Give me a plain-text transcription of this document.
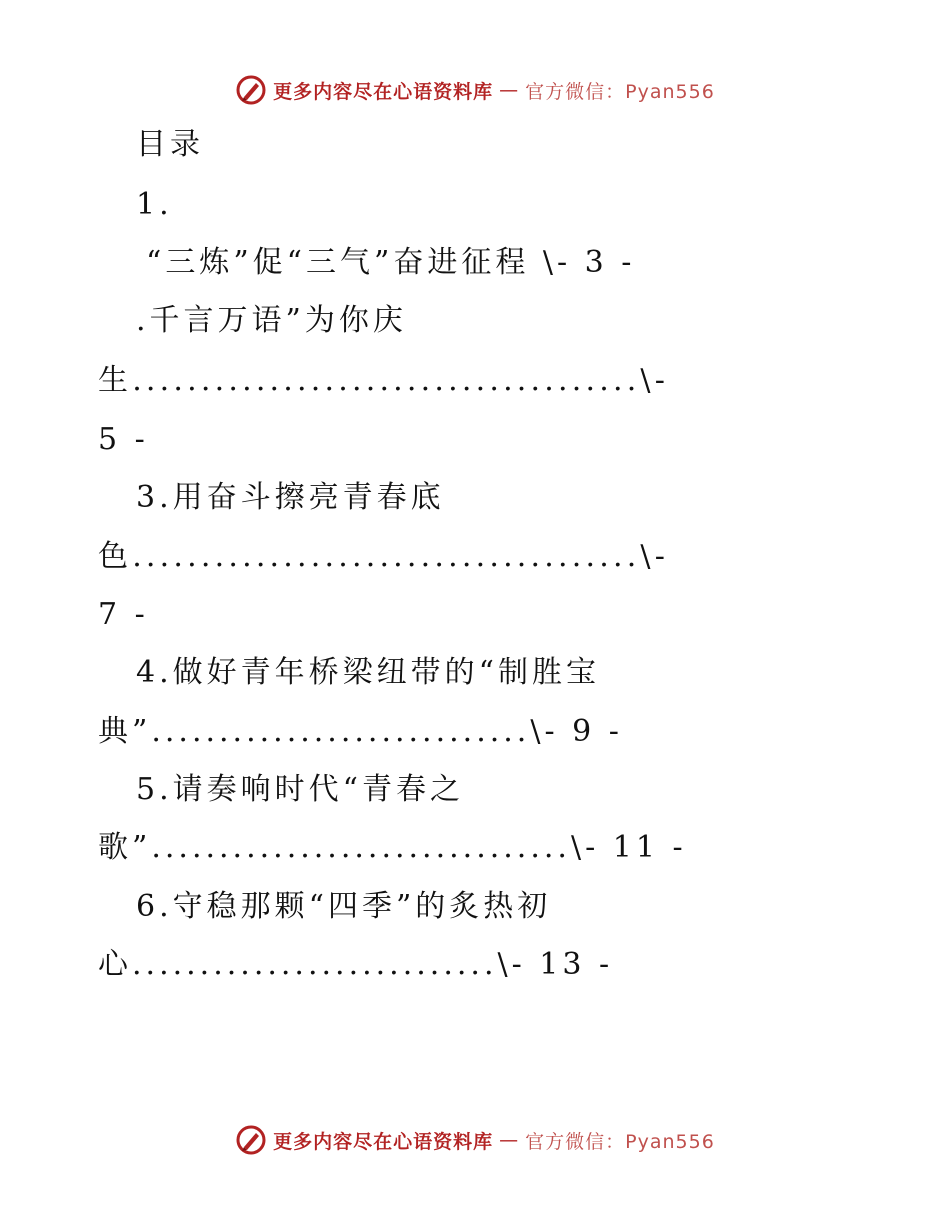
更多内容尽在心语资料库 — 官方微信：Pyan556
目录
1.
“三炼”促“三气”奋进征程 \- 3 -
.千言万语”为你庆
生.....................................\-
5 -
3.用奋斗擦亮青春底
色.....................................\-
7 -
4.做好青年桥梁纽带的“制胜宝
典”............................\- 9 -
5.请奏响时代“青春之
歌”...............................\- 11 -
6.守稳那颗“四季”的炙热初
心...........................\- 13 -
更多内容尽在心语资料库 — 官方微信：Pyan556
